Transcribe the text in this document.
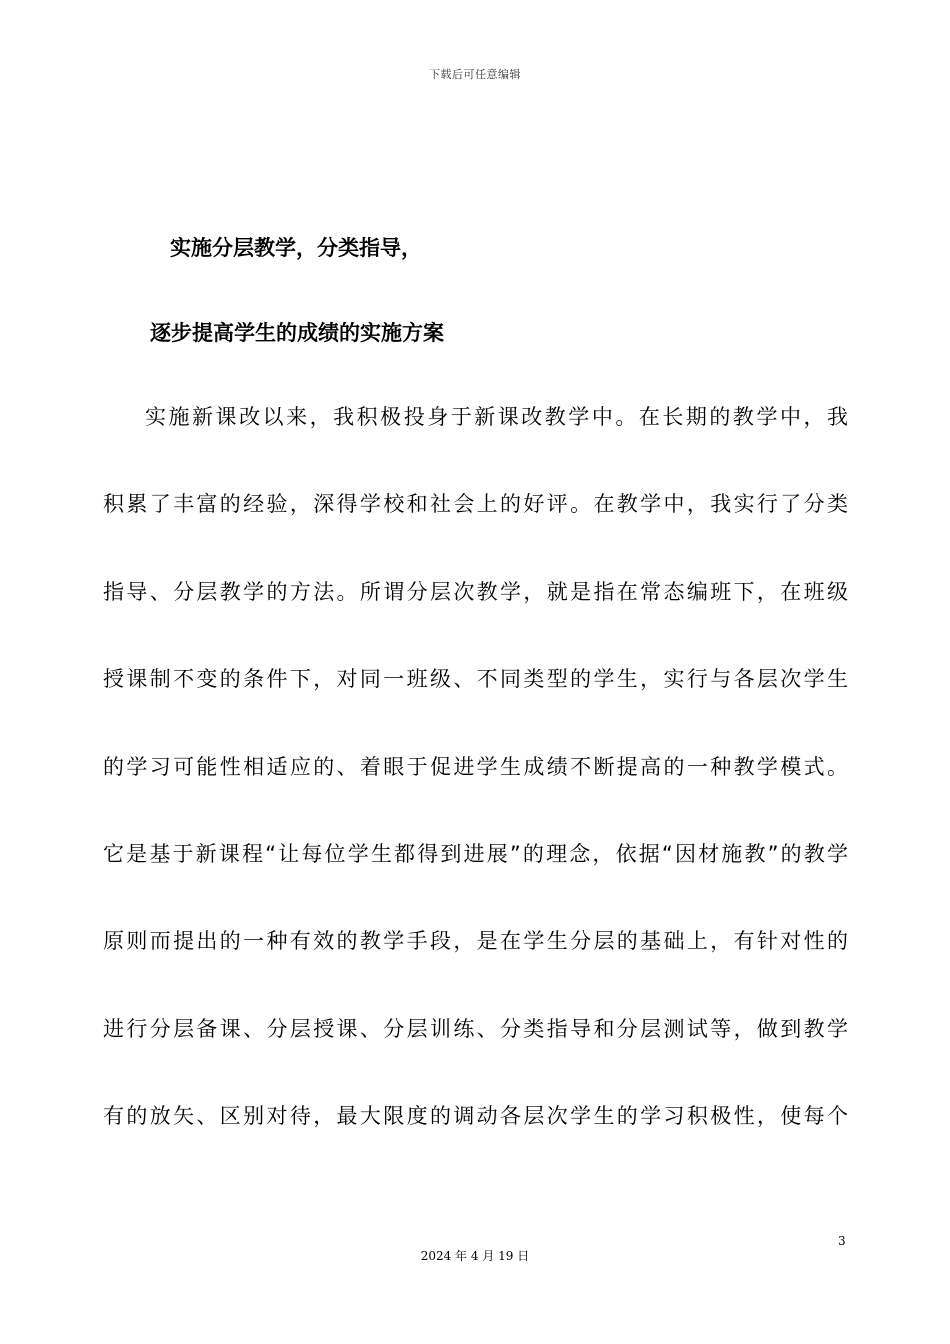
下载后可任意编辑
实施分层教学，分类指导，
逐步提高学生的成绩的实施方案
实施新课改以来，我积极投身于新课改教学中。在长期的教学中，我
积累了丰富的经验，深得学校和社会上的好评。在教学中，我实行了分类
指导、分层教学的方法。所谓分层次教学，就是指在常态编班下，在班级
授课制不变的条件下，对同一班级、不同类型的学生，实行与各层次学生
的学习可能性相适应的、着眼于促进学生成绩不断提高的一种教学模式。
它是基于新课程“让每位学生都得到进展”的理念，依据“因材施教”的教学
原则而提出的一种有效的教学手段，是在学生分层的基础上，有针对性的
进行分层备课、分层授课、分层训练、分类指导和分层测试等，做到教学
有的放矢、区别对待，最大限度的调动各层次学生的学习积极性，使每个
3
2024 年 4 月 19 日
